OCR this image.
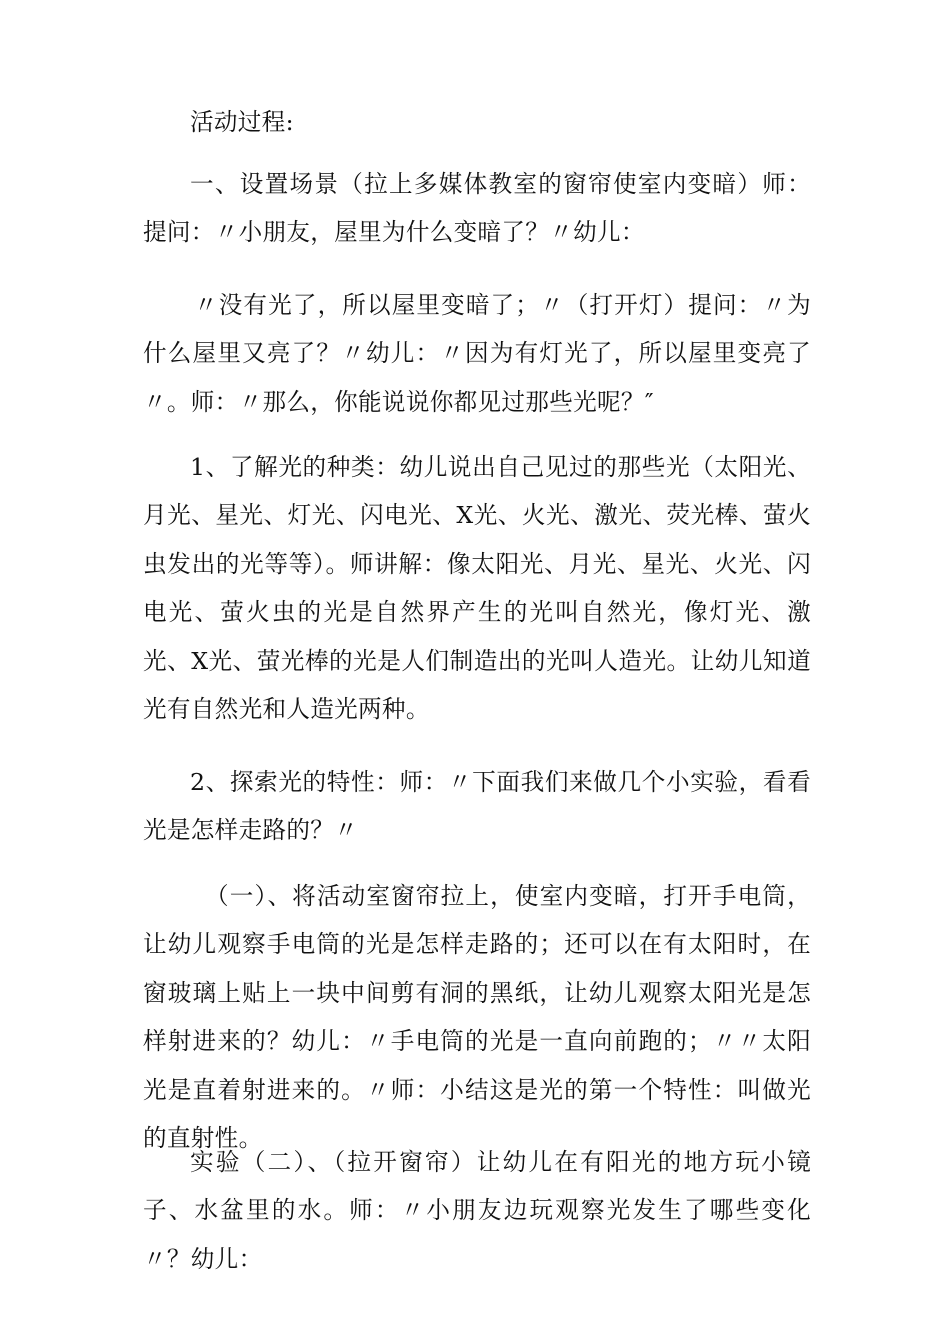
活动过程:

一、设置场景（拉上多媒体教室的窗帘使室内变暗）师：提问：〃小朋友，屋里为什么变暗了？〃幼儿：

〃没有光了，所以屋里变暗了；〃（打开灯）提问：〃为什么屋里又亮了？〃幼儿：〃因为有灯光了，所以屋里变亮了〃。师：〃那么，你能说说你都见过那些光呢？″

1、了解光的种类：幼儿说出自己见过的那些光（太阳光、月光、星光、灯光、闪电光、X光、火光、激光、荧光棒、萤火虫发出的光等等）。师讲解：像太阳光、月光、星光、火光、闪电光、萤火虫的光是自然界产生的光叫自然光，像灯光、激光、X光、萤光棒的光是人们制造出的光叫人造光。让幼儿知道光有自然光和人造光两种。

2、探索光的特性：师：〃下面我们来做几个小实验，看看光是怎样走路的？〃

（一）、将活动室窗帘拉上，使室内变暗，打开手电筒，让幼儿观察手电筒的光是怎样走路的；还可以在有太阳时，在窗玻璃上贴上一块中间剪有洞的黑纸，让幼儿观察太阳光是怎样射进来的？幼儿：〃手电筒的光是一直向前跑的；〃〃太阳光是直着射进来的。〃师：小结这是光的第一个特性：叫做光的直射性。

实验（二）、（拉开窗帘）让幼儿在有阳光的地方玩小镜子、水盆里的水。师：〃小朋友边玩观察光发生了哪些变化〃？幼儿：
